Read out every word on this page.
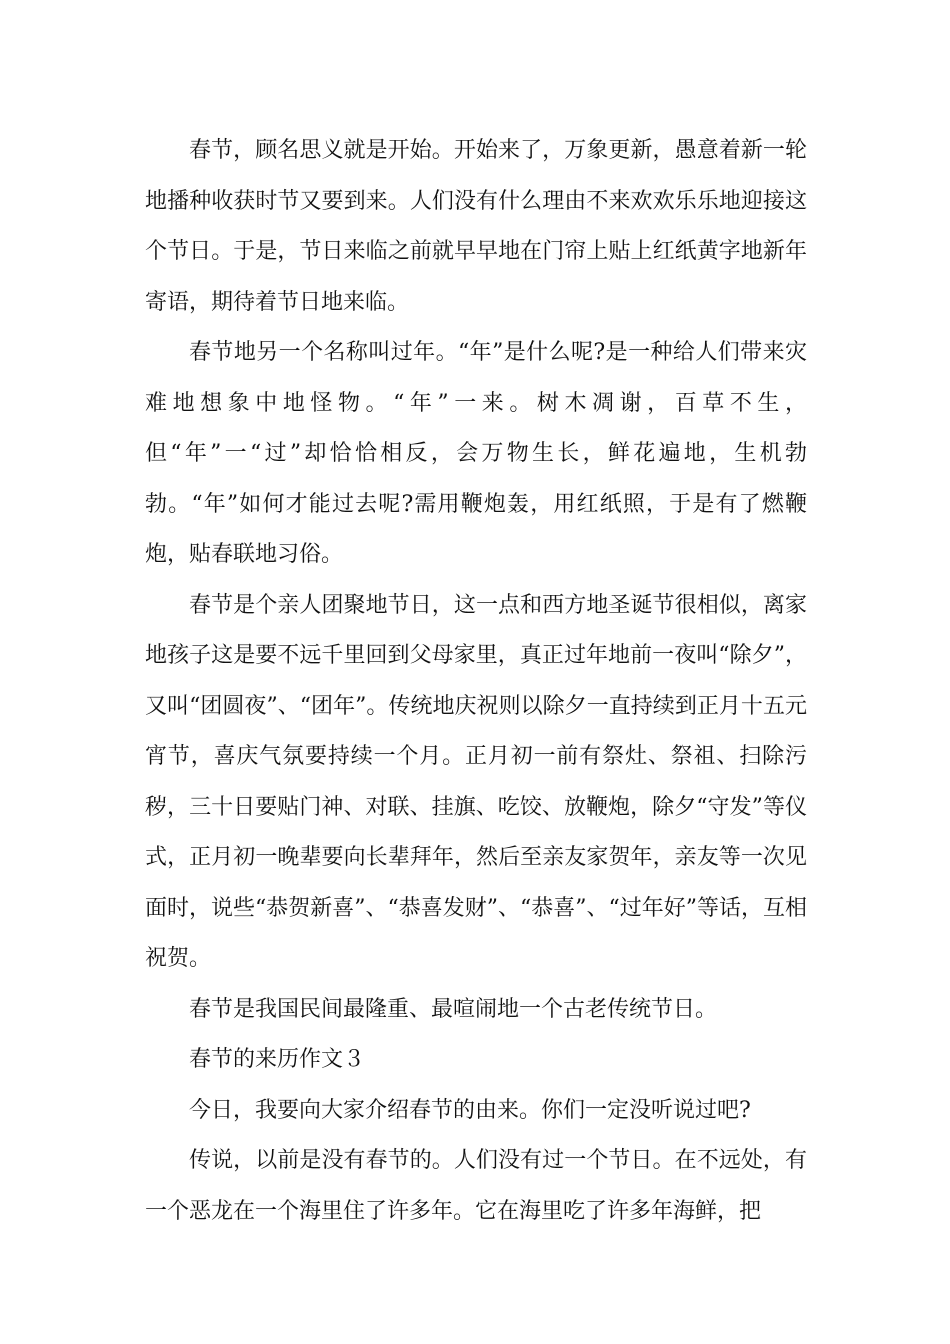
春节，顾名思义就是开始。开始来了，万象更新，愚意着新一轮地播种收获时节又要到来。人们没有什么理由不来欢欢乐乐地迎接这个节日。于是，节日来临之前就早早地在门帘上贴上红纸黄字地新年寄语，期待着节日地来临。

春节地另一个名称叫过年。“年”是什么呢?是一种给人们带来灾难地想象中地怪物。“年”一来。树木凋谢，百草不生，但“年”一“过”却恰恰相反，会万物生长，鲜花遍地，生机勃勃。“年”如何才能过去呢?需用鞭炮轰，用红纸照，于是有了燃鞭炮，贴春联地习俗。

春节是个亲人团聚地节日，这一点和西方地圣诞节很相似，离家地孩子这是要不远千里回到父母家里，真正过年地前一夜叫“除夕”，又叫“团圆夜”、“团年”。传统地庆祝则以除夕一直持续到正月十五元宵节，喜庆气氛要持续一个月。正月初一前有祭灶、祭祖、扫除污秽，三十日要贴门神、对联、挂旗、吃饺、放鞭炮，除夕“守发”等仪式，正月初一晚辈要向长辈拜年，然后至亲友家贺年，亲友等一次见面时，说些“恭贺新喜”、“恭喜发财”、“恭喜”、“过年好”等话，互相祝贺。

春节是我国民间最隆重、最喧闹地一个古老传统节日。

春节的来历作文３

今日，我要向大家介绍春节的由来。你们一定没听说过吧?

传说，以前是没有春节的。人们没有过一个节日。在不远处，有一个恶龙在一个海里住了许多年。它在海里吃了许多年海鲜，把
